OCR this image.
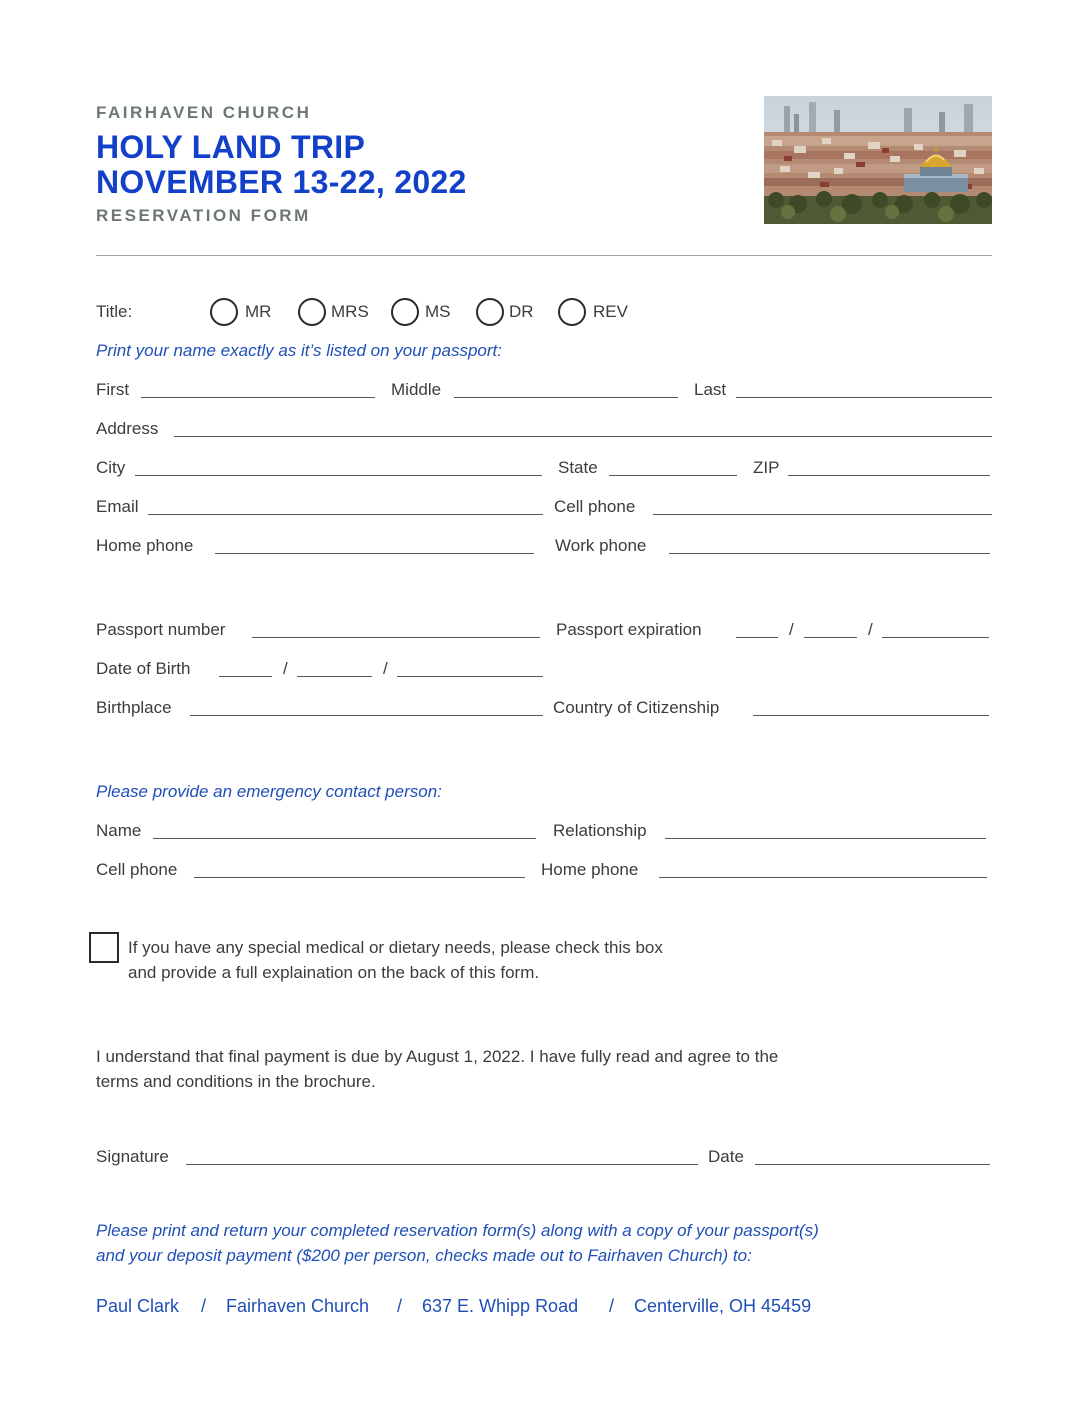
FAIRHAVEN CHURCH
HOLY LAND TRIP
NOVEMBER 13-22, 2022
RESERVATION FORM
Title:	MR	MRS	MS	DR	REV
Print your name exactly as it’s listed on your passport:
First	Middle	Last
Address
City	State	ZIP
Email	Cell phone
Home phone	Work phone
Passport number	Passport expiration	/	/
Date of Birth	/	/
Birthplace	Country of Citizenship
Please provide an emergency contact person:
Name	Relationship
Cell phone	Home phone
If you have any special medical or dietary needs, please check this box
and provide a full explaination on the back of this form.
I understand that final payment is due by August 1, 2022. I have fully read and agree to the
terms and conditions in the brochure.
Signature	Date
Please print and return your completed reservation form(s) along with a copy of your passport(s)
and your deposit payment ($200 per person, checks made out to Fairhaven Church) to:
Paul Clark / Fairhaven Church / 637 E. Whipp Road / Centerville, OH 45459
